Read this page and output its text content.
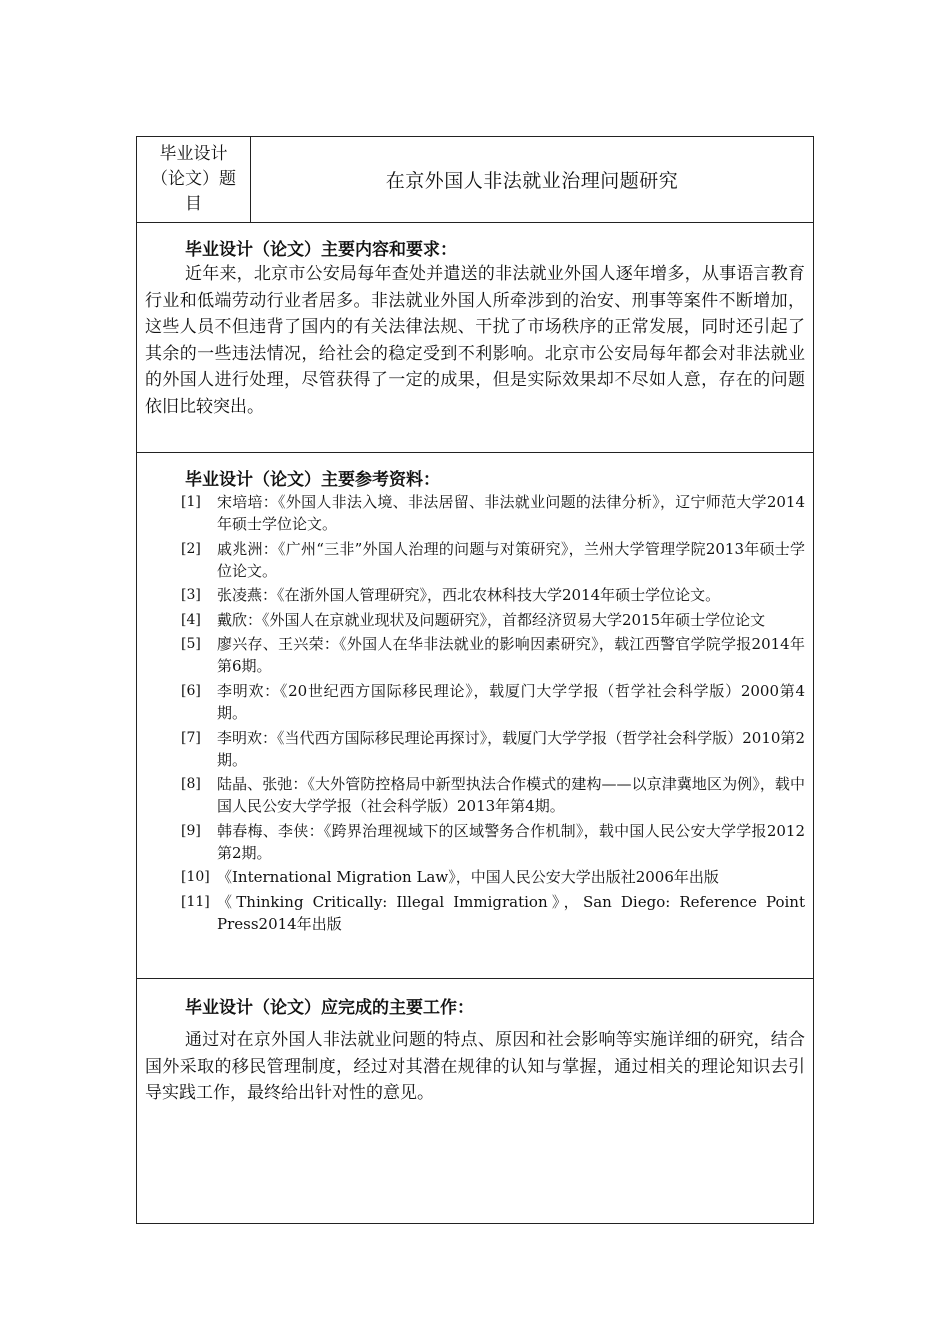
毕业设计（论文）题目
在京外国人非法就业治理问题研究
毕业设计（论文）主要内容和要求：

近年来，北京市公安局每年查处并遣送的非法就业外国人逐年增多，从事语言教育行业和低端劳动行业者居多。非法就业外国人所牵涉到的治安、刑事等案件不断增加，这些人员不但违背了国内的有关法律法规、干扰了市场秩序的正常发展，同时还引起了其余的一些违法情况，给社会的稳定受到不利影响。北京市公安局每年都会对非法就业的外国人进行处理，尽管获得了一定的成果，但是实际效果却不尽如人意，存在的问题依旧比较突出。

毕业设计（论文）主要参考资料：
[1] 宋培培：《外国人非法入境、非法居留、非法就业问题的法律分析》，辽宁师范大学2014年硕士学位论文。
[2] 戚兆洲：《广州“三非”外国人治理的问题与对策研究》，兰州大学管理学院2013年硕士学位论文。
[3] 张凌燕：《在浙外国人管理研究》，西北农林科技大学2014年硕士学位论文。
[4] 戴欣：《外国人在京就业现状及问题研究》，首都经济贸易大学2015年硕士学位论文
[5] 廖兴存、王兴荣：《外国人在华非法就业的影响因素研究》，载江西警官学院学报2014年第6期。
[6] 李明欢：《20世纪西方国际移民理论》，载厦门大学学报（哲学社会科学版）2000第4期。
[7] 李明欢：《当代西方国际移民理论再探讨》，载厦门大学学报（哲学社会科学版）2010第2期。
[8] 陆晶、张弛：《大外管防控格局中新型执法合作模式的建构——以京津冀地区为例》，载中国人民公安大学学报（社会科学版）2013年第4期。
[9] 韩春梅、李侠：《跨界治理视域下的区域警务合作机制》，载中国人民公安大学学报2012第2期。
[10] 《International Migration Law》，中国人民公安大学出版社2006年出版
[11] 《Thinking Critically: Illegal Immigration》，San Diego: Reference Point Press2014年出版
毕业设计（论文）应完成的主要工作：

通过对在京外国人非法就业问题的特点、原因和社会影响等实施详细的研究，结合国外采取的移民管理制度，经过对其潜在规律的认知与掌握，通过相关的理论知识去引导实践工作，最终给出针对性的意见。
